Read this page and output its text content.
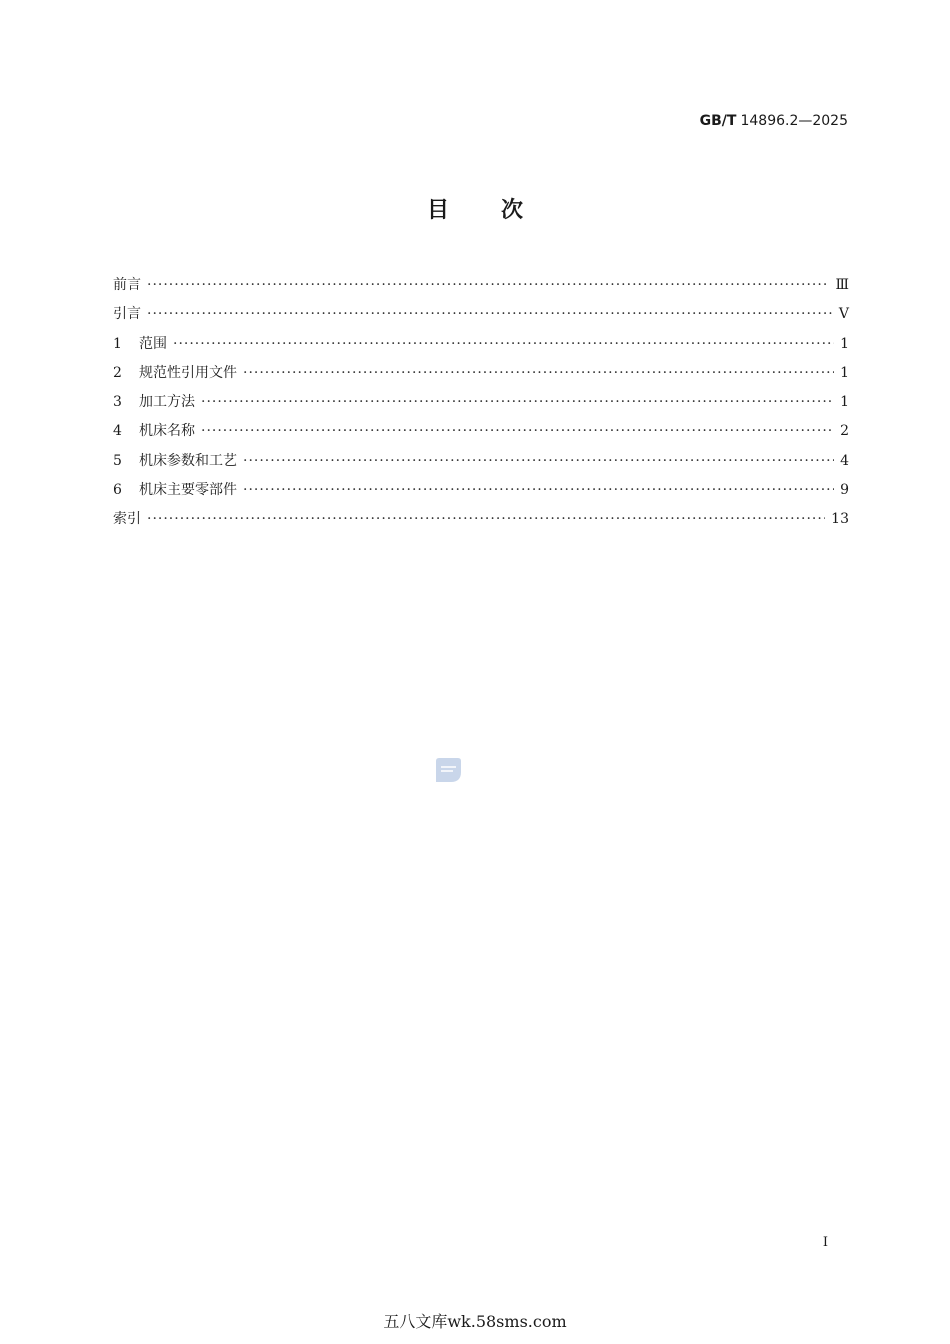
GB/T 14896.2—2025
目次
前言 ·····	Ⅲ
引言 ·····	Ⅴ
1	范围 ·····	1
2	规范性引用文件 ·····	1
3	加工方法 ·····	1
4	机床名称 ·····	2
5	机床参数和工艺 ·····	4
6	机床主要零部件 ·····	9
索引 ·····	13
Ⅰ
五八文库wk.58sms.com
